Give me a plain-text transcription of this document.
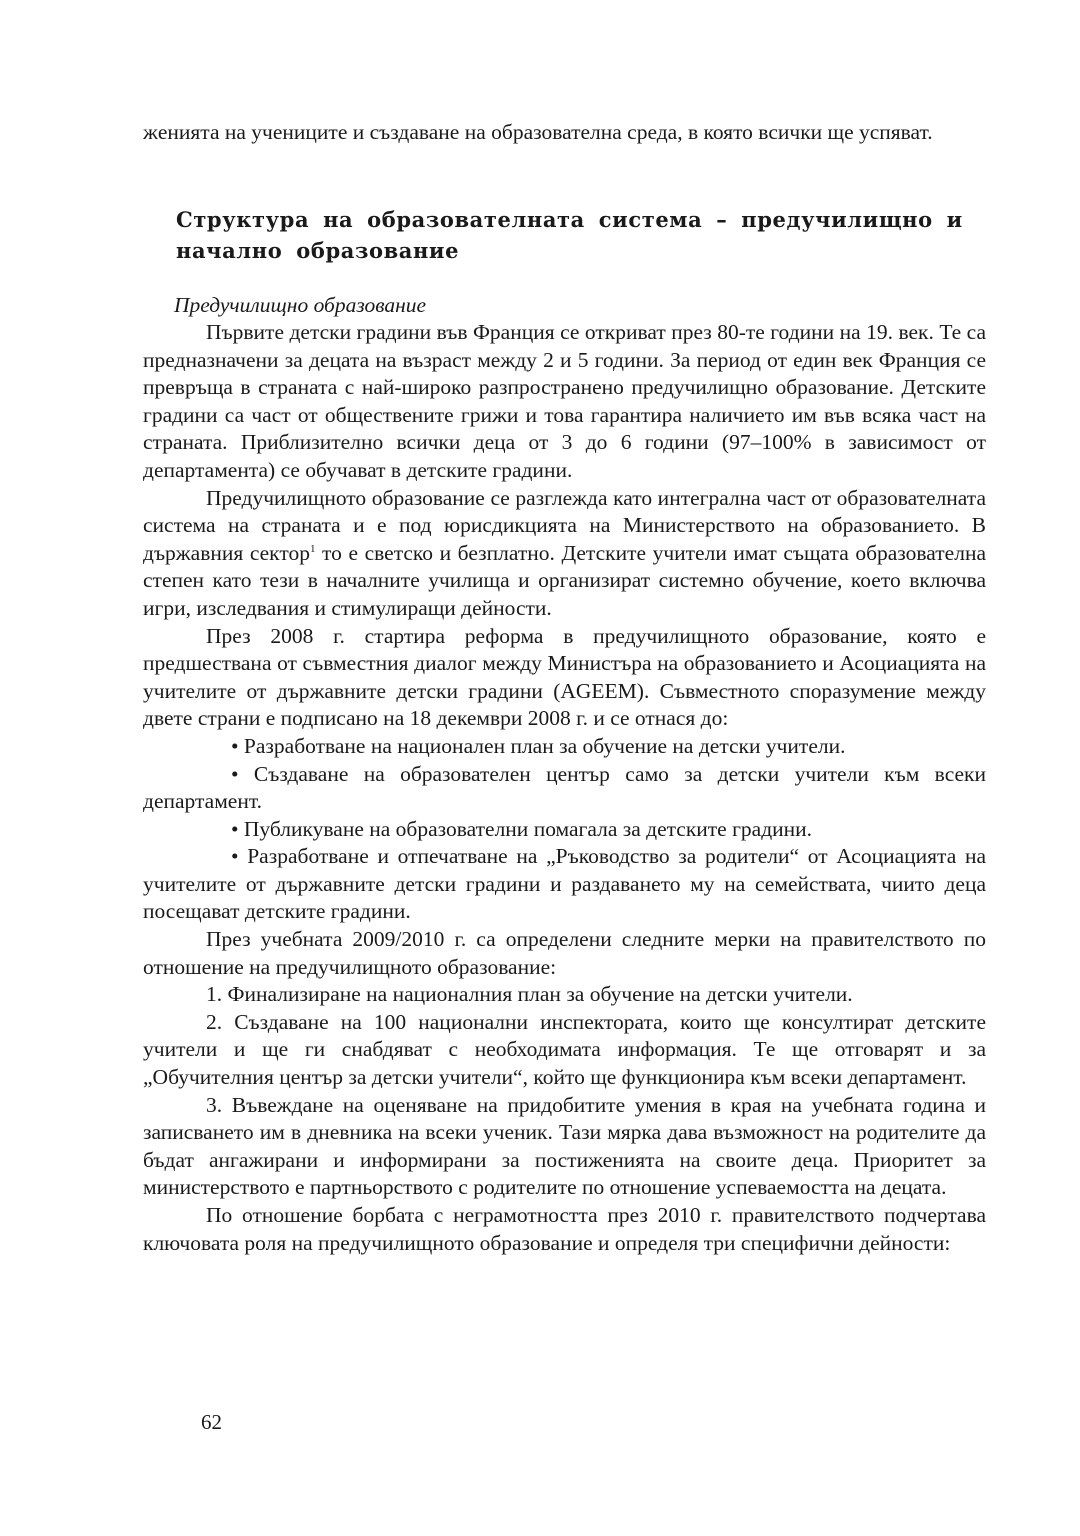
жeнията на учениците и създаване на образователна среда, в която всички ще успяват.

Структура на образователната система – предучилищно и
начално образование

Предучилищно образование

Първите детски градини във Франция се откриват през 80-те години на 19. век. Те са предназначени за децата на възраст между 2 и 5 години. За период от един век Франция се превръща в страната с най-широко разпространено предучилищно образование. Детските градини са част от обществените грижи и това гарантира наличието им във всяка част на страната. Приблизително всички деца от 3 до 6 години (97–100% в зависимост от департамента) се обучават в детските градини.

Предучилищното образование се разглежда като интегрална част от образователната система на страната и е под юрисдикцията на Министерството на образованието. В държавния сектор$^1$ то е светско и безплатно. Детските учители имат същата образователна степен като тези в началните училища и организират системно обучение, което включва игри, изследвания и стимулиращи дейности.

През 2008 г. стартира реформа в предучилищното образование, която е предшествана от съвместния диалог между Министъра на образованието и Асоциацията на учителите от държавните детски градини (AGEEM). Съвместното споразумение между двете страни е подписано на 18 декември 2008 г. и се отнася до:

• Разработване на национален план за обучение на детски учители.

• Създаване на образователен център само за детски учители към всеки департамент.

• Публикуване на образователни помагала за детските градини.

• Разработване и отпечатване на „Ръководство за родители“ от Асоциацията на учителите от държавните детски градини и раздаването му на семействата, чиито деца посещават детските градини.

През учебната 2009/2010 г. са определени следните мерки на правителството по отношение на предучилищното образование:

1. Финализиране на националния план за обучение на детски учители.

2. Създаване на 100 национални инспектората, които ще консултират детските учители и ще ги снабдяват с необходимата информация. Те ще отговарят и за „Обучителния център за детски учители“, който ще функционира към всеки департамент.

3. Въвеждане на оценяване на придобитите умения в края на учебната година и записването им в дневника на всеки ученик. Тази мярка дава възможност на родителите да бъдат ангажирани и информирани за постиженията на своите деца. Приоритет за министерството е партньорството с родителите по отношение успеваемостта на децата.

По отношение борбата с неграмотността през 2010 г. правителството подчертава ключовата роля на предучилищното образование и определя три специфични дейности:

62
